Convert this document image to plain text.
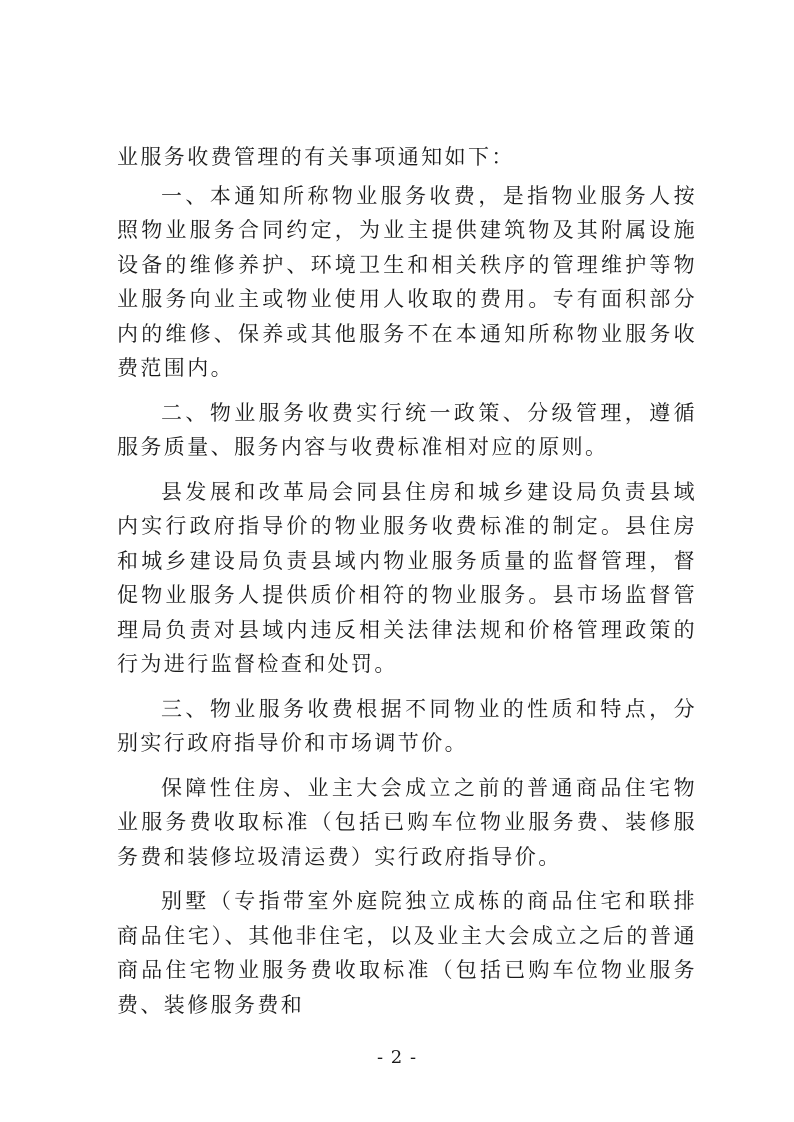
业服务收费管理的有关事项通知如下：

一、本通知所称物业服务收费，是指物业服务人按照物业服务合同约定，为业主提供建筑物及其附属设施设备的维修养护、环境卫生和相关秩序的管理维护等物业服务向业主或物业使用人收取的费用。专有面积部分内的维修、保养或其他服务不在本通知所称物业服务收费范围内。

二、物业服务收费实行统一政策、分级管理，遵循服务质量、服务内容与收费标准相对应的原则。

县发展和改革局会同县住房和城乡建设局负责县域内实行政府指导价的物业服务收费标准的制定。县住房和城乡建设局负责县域内物业服务质量的监督管理，督促物业服务人提供质价相符的物业服务。县市场监督管理局负责对县域内违反相关法律法规和价格管理政策的行为进行监督检查和处罚。

三、物业服务收费根据不同物业的性质和特点，分别实行政府指导价和市场调节价。

保障性住房、业主大会成立之前的普通商品住宅物业服务费收取标准（包括已购车位物业服务费、装修服务费和装修垃圾清运费）实行政府指导价。

别墅（专指带室外庭院独立成栋的商品住宅和联排商品住宅）、其他非住宅，以及业主大会成立之后的普通商品住宅物业服务费收取标准（包括已购车位物业服务费、装修服务费和

- 2 -
